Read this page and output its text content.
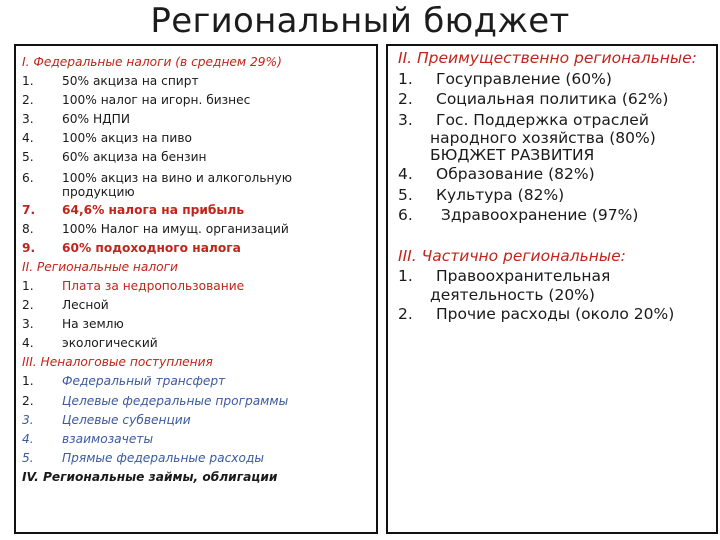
Региональный бюджет
I. Федеральные налоги (в среднем 29%)
1.	50% акциза на спирт
2.	100% налог на игорн. бизнес
3.	60% НДПИ
4.	100% акциз на пиво
5.	60% акциза на бензин
6.	100% акциз на вино и алкогольную продукцию
7.	64,6% налога на прибыль
8.	100% Налог на имущ. организаций
9.	60% подоходного налога
II. Региональные налоги
1.	Плата за недропользование
2.	Лесной
3.	На землю
4.	экологический
III. Неналоговые поступления
1.	Федеральный трансферт
2.	Целевые федеральные программы
3.	Целевые субвенции
4.	взаимозачеты
5.	Прямые федеральные расходы
IV. Региональные займы, облигации
II. Преимущественно региональные:
1.	Госуправление (60%)
2.	Социальная политика (62%)
3.	Гос. Поддержка отраслей
народного хозяйства (80%)
БЮДЖЕТ РАЗВИТИЯ
4.	Образование (82%)
5.	Культура (82%)
6.	Здравоохранение (97%)
III. Частично региональные:
1.	Правоохранительная
деятельность (20%)
2.	Прочие расходы (около 20%)
